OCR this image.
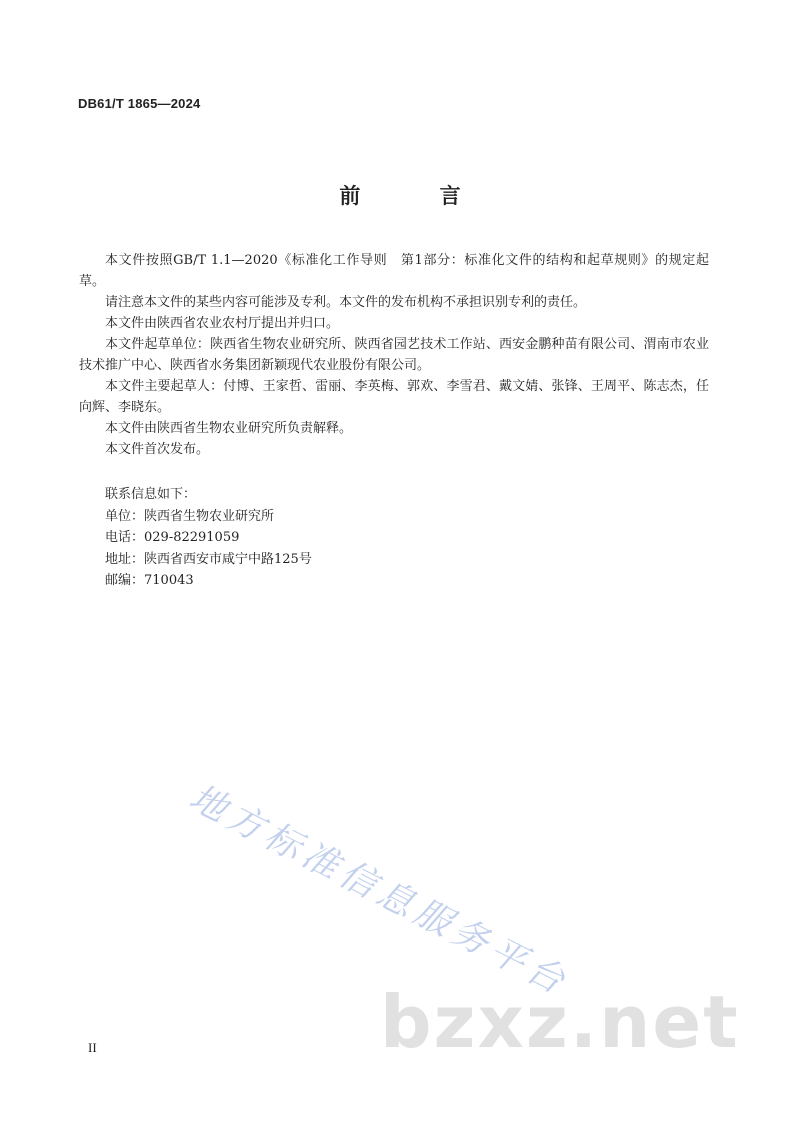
DB61/T 1865—2024
前 言

本文件按照GB/T 1.1—2020《标准化工作导则　第1部分：标准化文件的结构和起草规则》的规定起草。

请注意本文件的某些内容可能涉及专利。本文件的发布机构不承担识别专利的责任。

本文件由陕西省农业农村厅提出并归口。

本文件起草单位：陕西省生物农业研究所、陕西省园艺技术工作站、西安金鹏种苗有限公司、渭南市农业技术推广中心、陕西省水务集团新颖现代农业股份有限公司。

本文件主要起草人：付博、王家哲、雷丽、李英梅、郭欢、李雪君、戴文婧、张锋、王周平、陈志杰，任向辉、李晓东。

本文件由陕西省生物农业研究所负责解释。

本文件首次发布。

联系信息如下：
单位：陕西省生物农业研究所
电话：029-82291059
地址：陕西省西安市咸宁中路125号
邮编：710043
地方标准信息服务平台
bzxz.net
II
